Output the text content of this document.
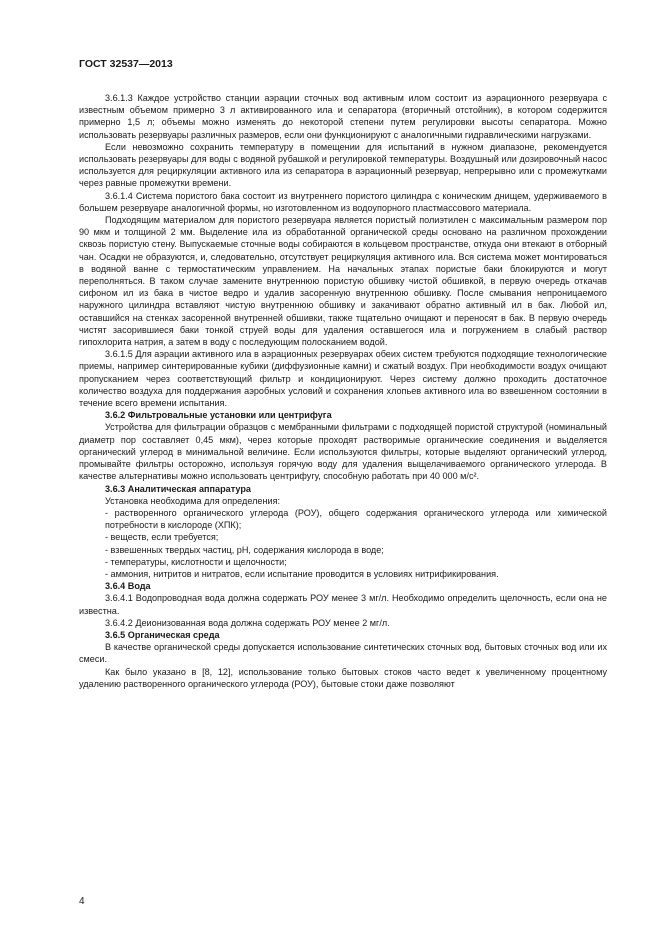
ГОСТ 32537—2013

3.6.1.3 Каждое устройство станции аэрации сточных вод активным илом состоит из аэрационного резервуара с известным объемом примерно 3 л активированного ила и сепаратора (вторичный отстойник), в котором содержится примерно 1,5 л; объемы можно изменять до некоторой степени путем регулировки высоты сепаратора. Можно использовать резервуары различных размеров, если они функционируют с аналогичными гидравлическими нагрузками.

Если невозможно сохранить температуру в помещении для испытаний в нужном диапазоне, рекомендуется использовать резервуары для воды с водяной рубашкой и регулировкой температуры. Воздушный или дозировочный насос используется для рециркуляции активного ила из сепаратора в аэрационный резервуар, непрерывно или с промежутками через равные промежутки времени.

3.6.1.4 Система пористого бака состоит из внутреннего пористого цилиндра с коническим днищем, удерживаемого в большем резервуаре аналогичной формы, но изготовленном из водоупорного пластмассового материала.

Подходящим материалом для пористого резервуара является пористый полиэтилен с максимальным размером пор 90 мкм и толщиной 2 мм. Выделение ила из обработанной органической среды основано на различном прохождении сквозь пористую стену. Выпускаемые сточные воды собираются в кольцевом пространстве, откуда они втекают в отборный чан. Осадки не образуются, и, следовательно, отсутствует рециркуляция активного ила. Вся система может монтироваться в водяной ванне с термостатическим управлением. На начальных этапах пористые баки блокируются и могут переполняться. В таком случае замените внутреннюю пористую обшивку чистой обшивкой, в первую очередь откачав сифоном ил из бака в чистое ведро и удалив засоренную внутреннюю обшивку. После смывания непроницаемого наружного цилиндра вставляют чистую внутреннюю обшивку и закачивают обратно активный ил в бак. Любой ил, оставшийся на стенках засоренной внутренней обшивки, также тщательно очищают и переносят в бак. В первую очередь чистят засорившиеся баки тонкой струей воды для удаления оставшегося ила и погружением в слабый раствор гипохлорита натрия, а затем в воду с последующим полосканием водой.

3.6.1.5 Для аэрации активного ила в аэрационных резервуарах обеих систем требуются подходящие технологические приемы, например синтерированные кубики (диффузионные камни) и сжатый воздух. При необходимости воздух очищают пропусканием через соответствующий фильтр и кондиционируют. Через систему должно проходить достаточное количество воздуха для поддержания аэробных условий и сохранения хлопьев активного ила во взвешенном состоянии в течение всего времени испытания.

3.6.2 Фильтровальные установки или центрифуга

Устройства для фильтрации образцов с мембранными фильтрами с подходящей пористой структурой (номинальный диаметр пор составляет 0,45 мкм), через которые проходят растворимые органические соединения и выделяется органический углерод в минимальной величине. Если используются фильтры, которые выделяют органический углерод, промывайте фильтры осторожно, используя горячую воду для удаления выщелачиваемого органического углерода. В качестве альтернативы можно использовать центрифугу, способную работать при 40 000 м/с².

3.6.3 Аналитическая аппаратура

Установка необходима для определения:

- растворенного органического углерода (РОУ), общего содержания органического углерода или химической потребности в кислороде (ХПК);

- веществ, если требуется;

- взвешенных твердых частиц, pH, содержания кислорода в воде;

- температуры, кислотности и щелочности;

- аммония, нитритов и нитратов, если испытание проводится в условиях нитрификирования.

3.6.4 Вода

3.6.4.1 Водопроводная вода должна содержать РОУ менее 3 мг/л. Необходимо определить щелочность, если она не известна.

3.6.4.2 Деионизованная вода должна содержать РОУ менее 2 мг/л.

3.6.5 Органическая среда

В качестве органической среды допускается использование синтетических сточных вод, бытовых сточных вод или их смеси.

Как было указано в [8, 12], использование только бытовых стоков часто ведет к увеличенному процентному удалению растворенного органического углерода (РОУ), бытовые стоки даже позволяют

4
